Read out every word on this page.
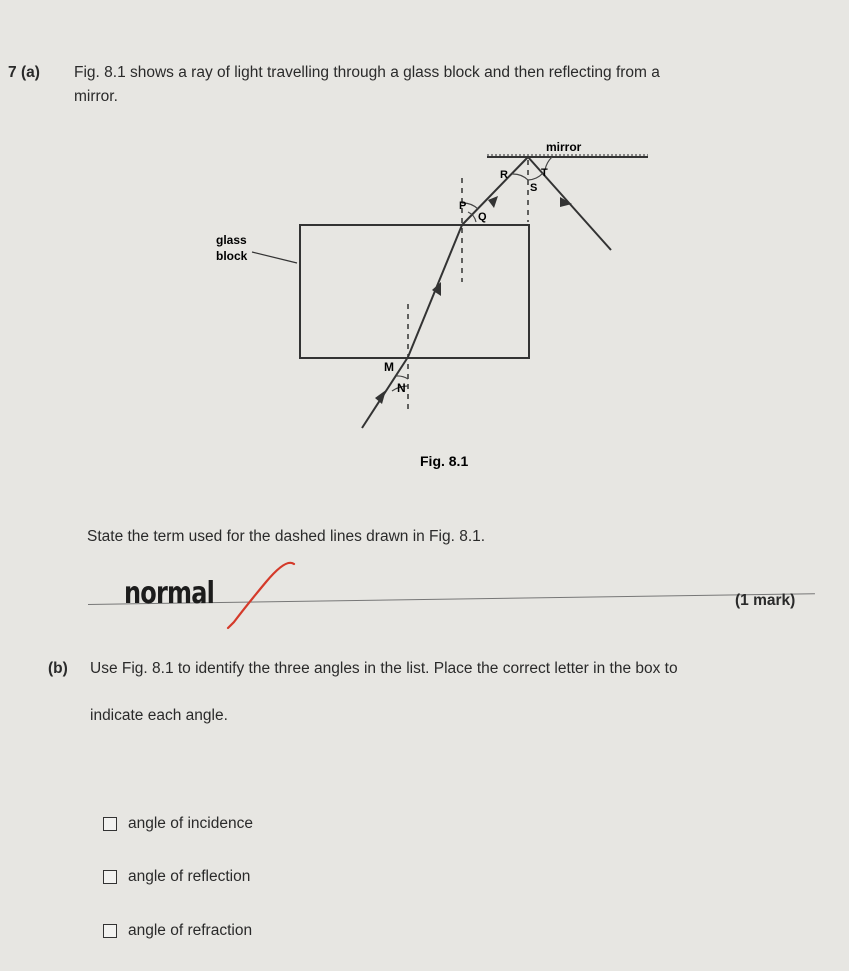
7 (a) Fig. 8.1 shows a ray of light travelling through a glass block and then reflecting from a
mirror.
mirror
glass
block
P
Q
R
S
T
M
N
Fig. 8.1
State the term used for the dashed lines drawn in Fig. 8.1.
normal	(1 mark)
(b) Use Fig. 8.1 to identify the three angles in the list. Place the correct letter in the box to
indicate each angle.
angle of incidence
angle of reflection
angle of refraction
